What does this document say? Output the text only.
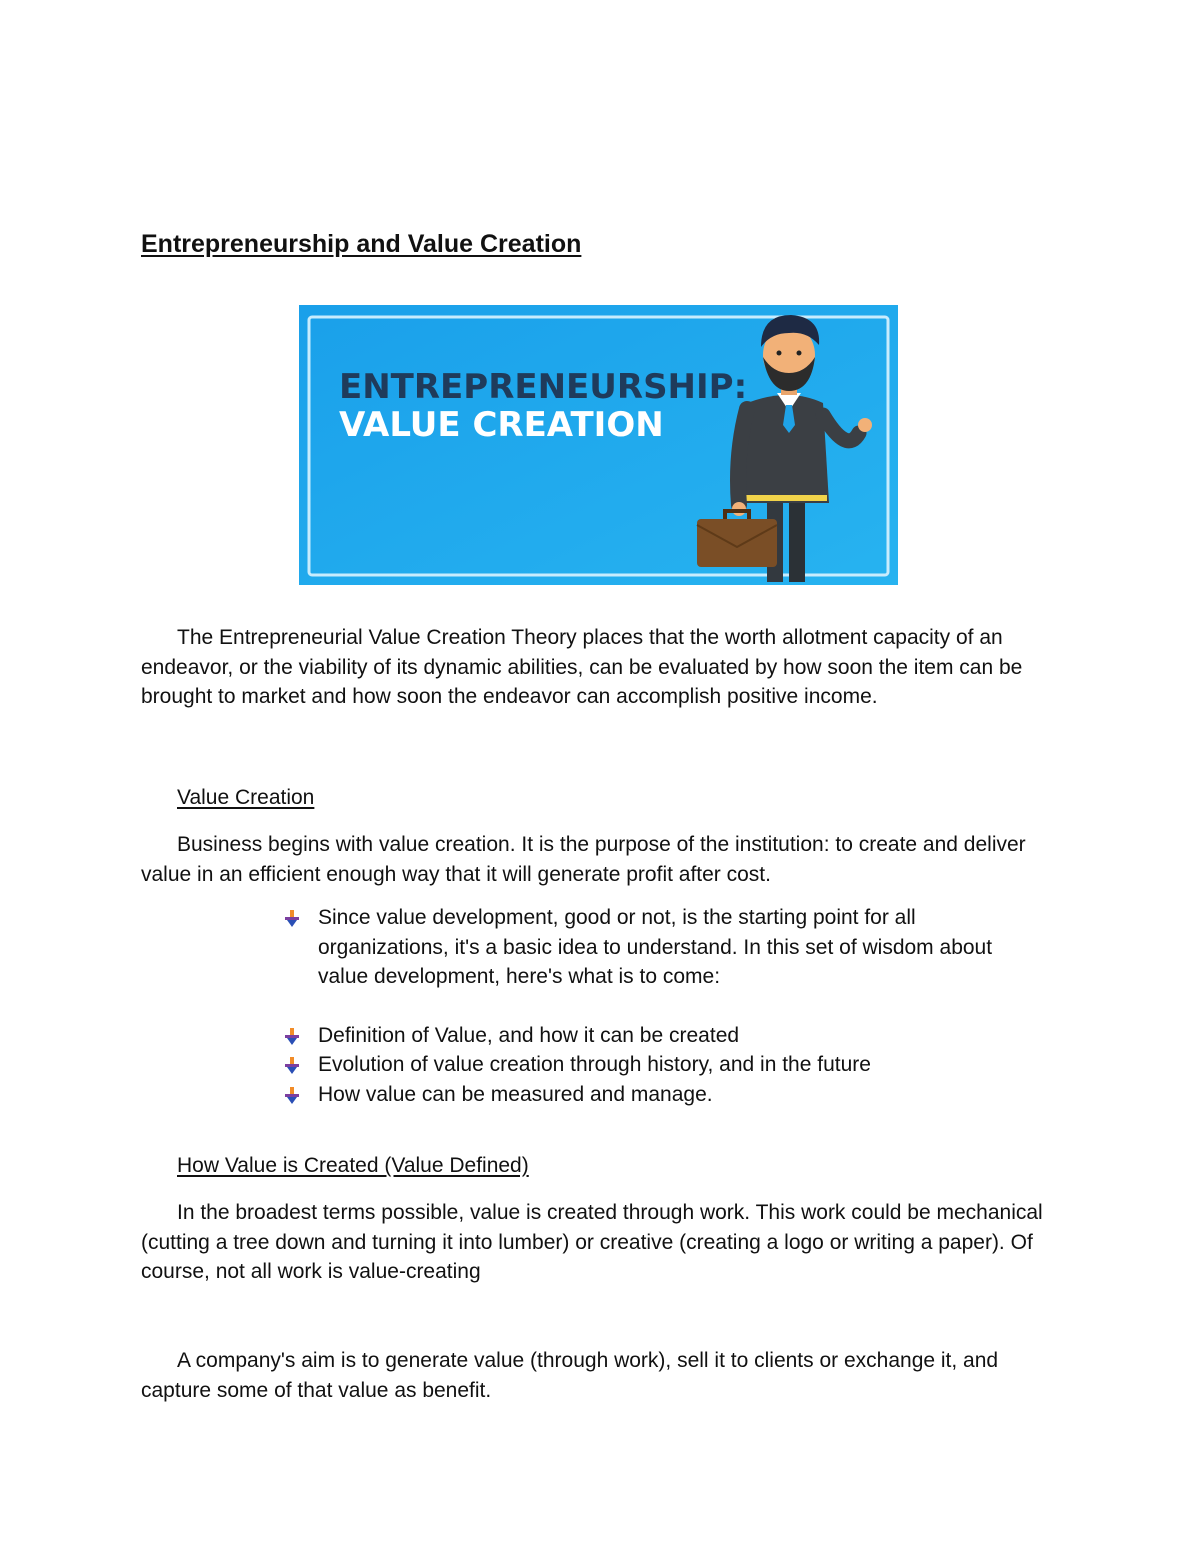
Entrepreneurship and Value Creation
ENTREPRENEURSHIP:
VALUE CREATION

The Entrepreneurial Value Creation Theory places that the worth allotment capacity of an endeavor, or the viability of its dynamic abilities, can be evaluated by how soon the item can be brought to market and how soon the endeavor can accomplish positive income.

Value Creation

Business begins with value creation. It is the purpose of the institution: to create and deliver value in an efficient enough way that it will generate profit after cost.

Since value development, good or not, is the starting point for all organizations, it's a basic idea to understand. In this set of wisdom about value development, here's what is to come:
Definition of Value, and how it can be created
Evolution of value creation through history, and in the future
How value can be measured and manage.

How Value is Created (Value Defined)

In the broadest terms possible, value is created through work. This work could be mechanical (cutting a tree down and turning it into lumber) or creative (creating a logo or writing a paper). Of course, not all work is value-creating

A company's aim is to generate value (through work), sell it to clients or exchange it, and capture some of that value as benefit.
